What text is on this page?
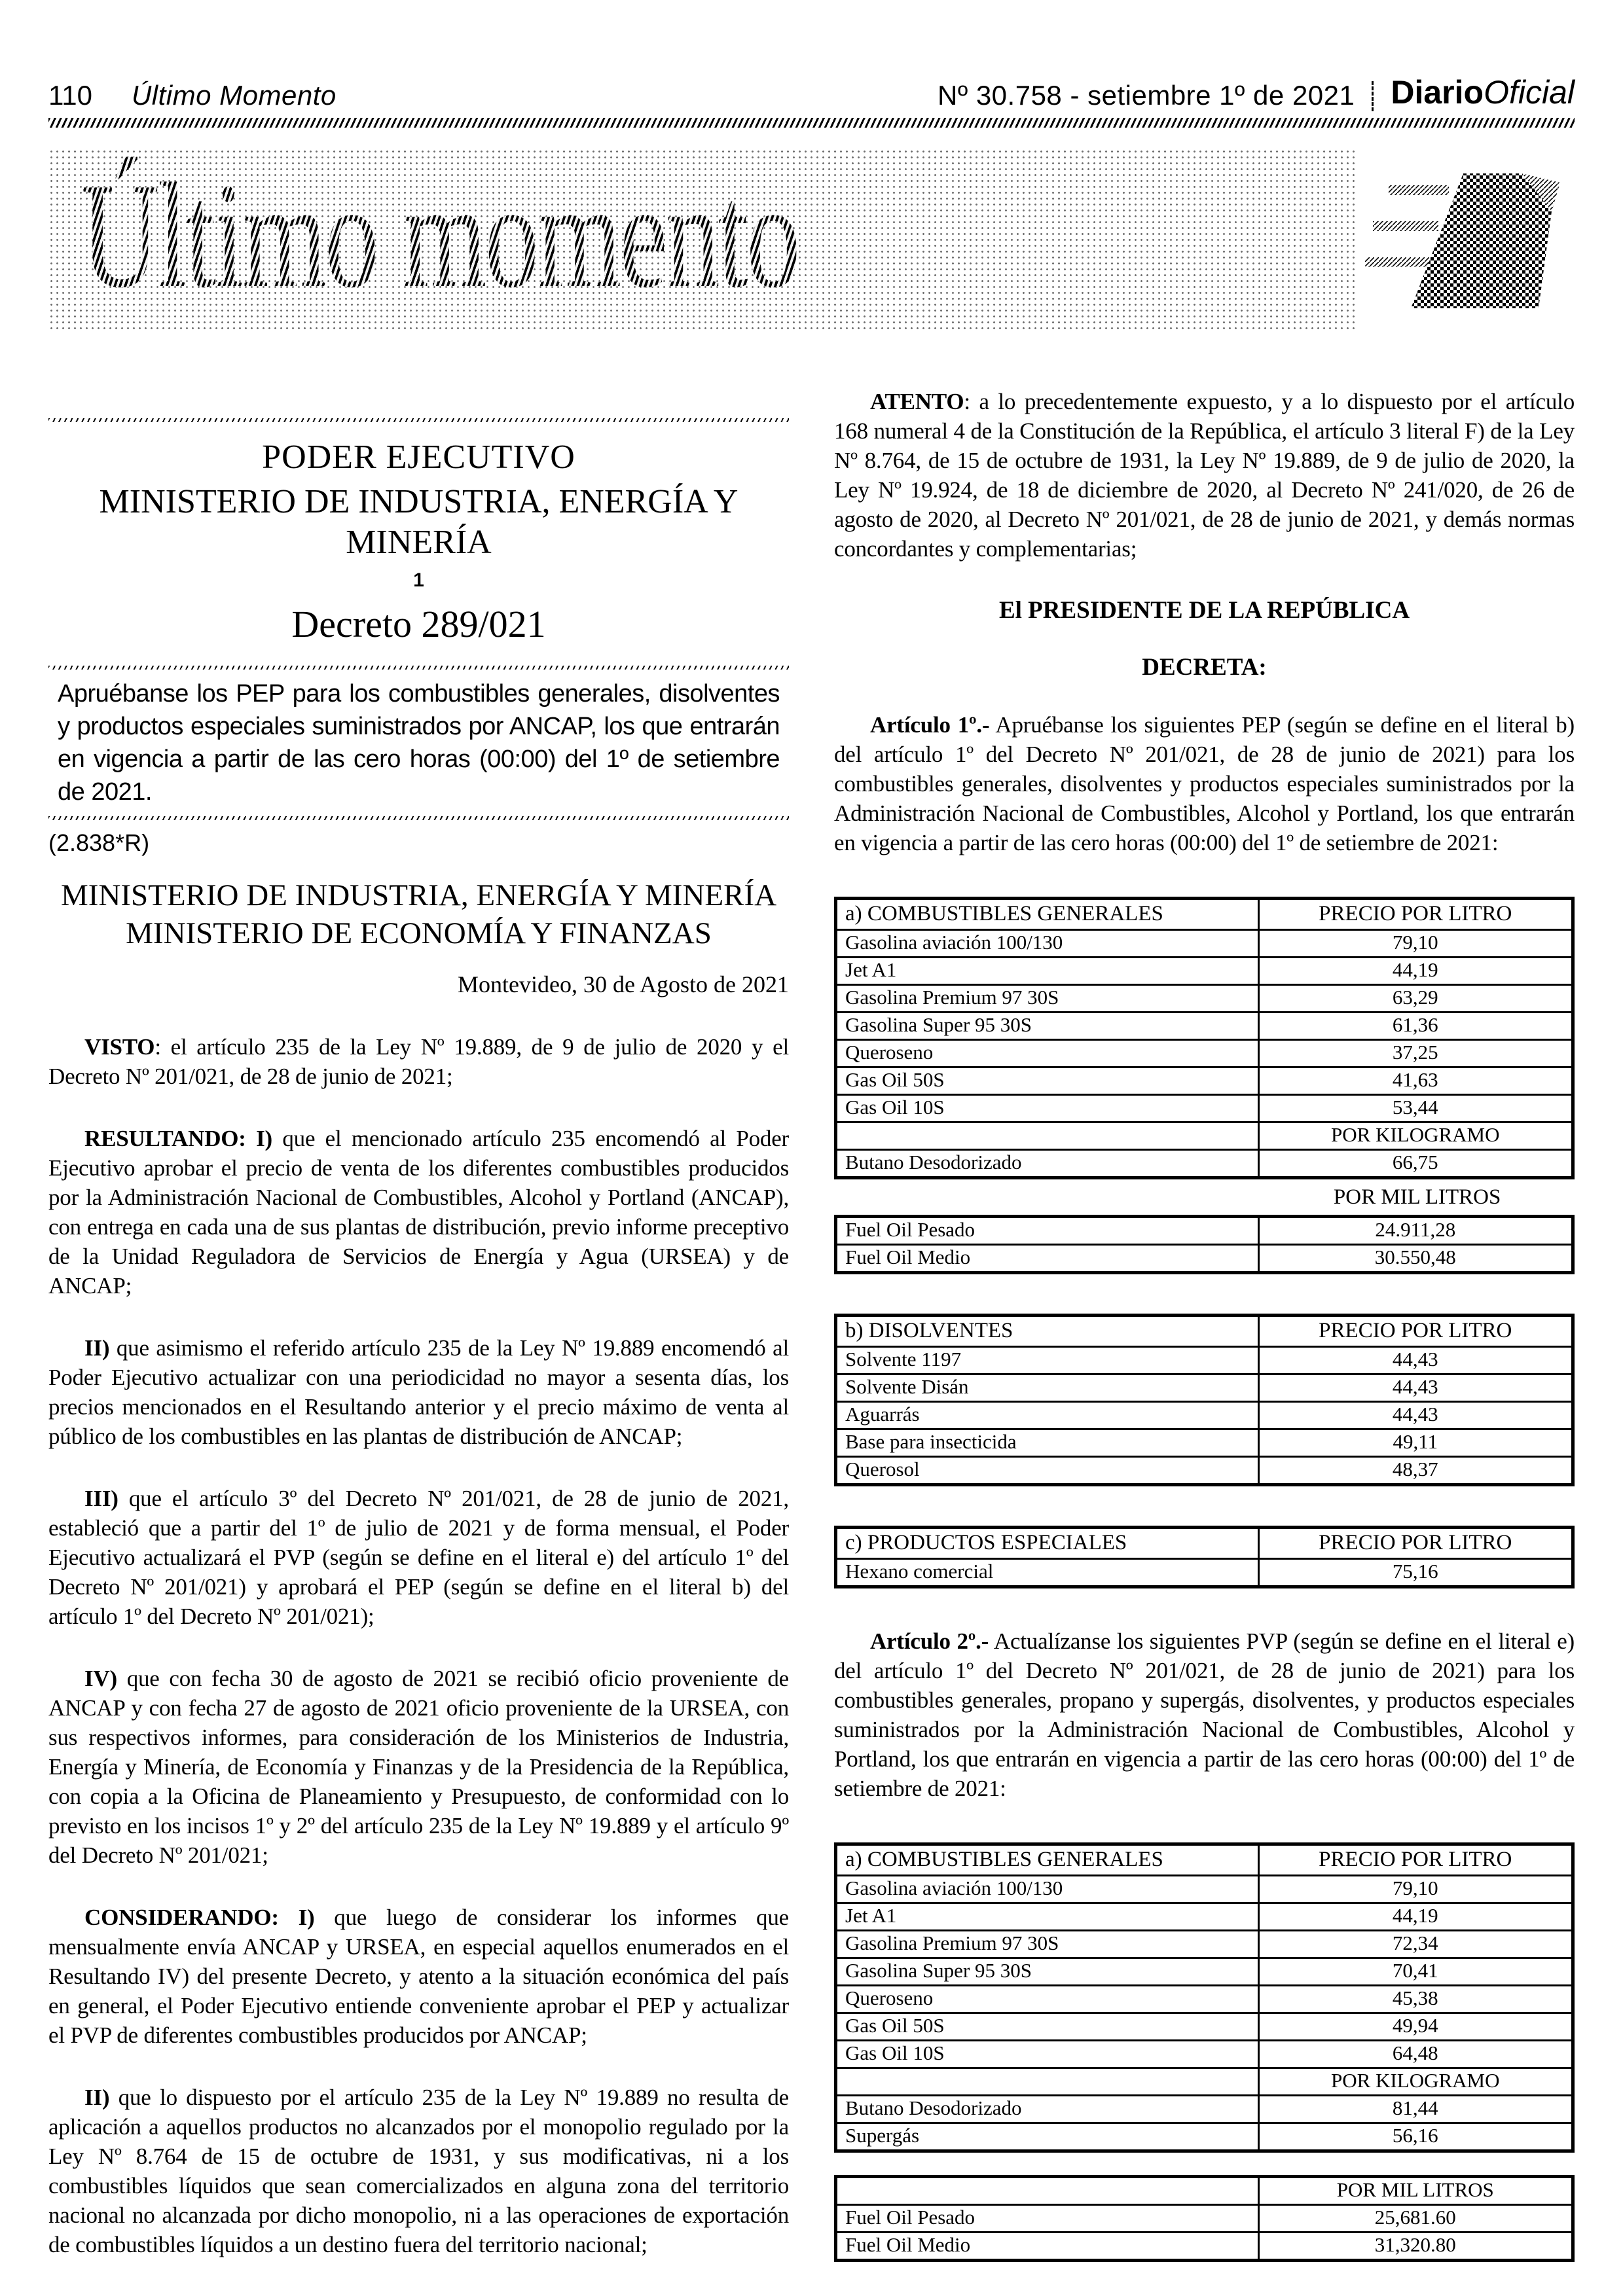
110 Último Momento	Nº 30.758 - setiembre 1º de 2021 DiarioOficial
Último momento
PODER EJECUTIVO
MINISTERIO DE INDUSTRIA, ENERGÍA Y MINERÍA
1
Decreto 289/021

Apruébanse los PEP para los combustibles generales, disolventes y productos especiales suministrados por ANCAP, los que entrarán en vigencia a partir de las cero horas (00:00) del 1º de setiembre de 2021.

(2.838*R)
MINISTERIO DE INDUSTRIA, ENERGÍA Y MINERÍA
MINISTERIO DE ECONOMÍA Y FINANZAS
Montevideo, 30 de Agosto de 2021

VISTO: el artículo 235 de la Ley Nº 19.889, de 9 de julio de 2020 y el Decreto Nº 201/021, de 28 de junio de 2021;

RESULTANDO: I) que el mencionado artículo 235 encomendó al Poder Ejecutivo aprobar el precio de venta de los diferentes combustibles producidos por la Administración Nacional de Combustibles, Alcohol y Portland (ANCAP), con entrega en cada una de sus plantas de distribución, previo informe preceptivo de la Unidad Reguladora de Servicios de Energía y Agua (URSEA) y de ANCAP;

II) que asimismo el referido artículo 235 de la Ley Nº 19.889 encomendó al Poder Ejecutivo actualizar con una periodicidad no mayor a sesenta días, los precios mencionados en el Resultando anterior y el precio máximo de venta al público de los combustibles en las plantas de distribución de ANCAP;

III) que el artículo 3º del Decreto Nº 201/021, de 28 de junio de 2021, estableció que a partir del 1º de julio de 2021 y de forma mensual, el Poder Ejecutivo actualizará el PVP (según se define en el literal e) del artículo 1º del Decreto Nº 201/021) y aprobará el PEP (según se define en el literal b) del artículo 1º del Decreto Nº 201/021);

IV) que con fecha 30 de agosto de 2021 se recibió oficio proveniente de ANCAP y con fecha 27 de agosto de 2021 oficio proveniente de la URSEA, con sus respectivos informes, para consideración de los Ministerios de Industria, Energía y Minería, de Economía y Finanzas y de la Presidencia de la República, con copia a la Oficina de Planeamiento y Presupuesto, de conformidad con lo previsto en los incisos 1º y 2º del artículo 235 de la Ley Nº 19.889 y el artículo 9º del Decreto Nº 201/021;

CONSIDERANDO: I) que luego de considerar los informes que mensualmente envía ANCAP y URSEA, en especial aquellos enumerados en el Resultando IV) del presente Decreto, y atento a la situación económica del país en general, el Poder Ejecutivo entiende conveniente aprobar el PEP y actualizar el PVP de diferentes combustibles producidos por ANCAP;

II) que lo dispuesto por el artículo 235 de la Ley Nº 19.889 no resulta de aplicación a aquellos productos no alcanzados por el monopolio regulado por la Ley Nº 8.764 de 15 de octubre de 1931, y sus modificativas, ni a los combustibles líquidos que sean comercializados en alguna zona del territorio nacional no alcanzada por dicho monopolio, ni a las operaciones de exportación de combustibles líquidos a un destino fuera del territorio nacional;

ATENTO: a lo precedentemente expuesto, y a lo dispuesto por el artículo 168 numeral 4 de la Constitución de la República, el artículo 3 literal F) de la Ley Nº 8.764, de 15 de octubre de 1931, la Ley Nº 19.889, de 9 de julio de 2020, la Ley Nº 19.924, de 18 de diciembre de 2020, al Decreto Nº 241/020, de 26 de agosto de 2020, al Decreto Nº 201/021, de 28 de junio de 2021, y demás normas concordantes y complementarias;

El PRESIDENTE DE LA REPÚBLICA
DECRETA:

Artículo 1º.- Apruébanse los siguientes PEP (según se define en el literal b) del artículo 1º del Decreto Nº 201/021, de 28 de junio de 2021) para los combustibles generales, disolventes y productos especiales suministrados por la Administración Nacional de Combustibles, Alcohol y Portland, los que entrarán en vigencia a partir de las cero horas (00:00) del 1º de setiembre de 2021:

a) COMBUSTIBLES GENERALES	PRECIO POR LITRO
Gasolina aviación 100/130	79,10
Jet A1	44,19
Gasolina Premium 97 30S	63,29
Gasolina Super 95 30S	61,36
Queroseno	37,25
Gas Oil 50S	41,63
Gas Oil 10S	53,44
POR KILOGRAMO
Butano Desodorizado	66,75
POR MIL LITROS
Fuel Oil Pesado	24.911,28
Fuel Oil Medio	30.550,48
b) DISOLVENTES	PRECIO POR LITRO
Solvente 1197	44,43
Solvente Disán	44,43
Aguarrás	44,43
Base para insecticida	49,11
Querosol	48,37
c) PRODUCTOS ESPECIALES	PRECIO POR LITRO
Hexano comercial	75,16

Artículo 2º.- Actualízanse los siguientes PVP (según se define en el literal e) del artículo 1º del Decreto Nº 201/021, de 28 de junio de 2021) para los combustibles generales, propano y supergás, disolventes, y productos especiales suministrados por la Administración Nacional de Combustibles, Alcohol y Portland, los que entrarán en vigencia a partir de las cero horas (00:00) del 1º de setiembre de 2021:

a) COMBUSTIBLES GENERALES	PRECIO POR LITRO
Gasolina aviación 100/130	79,10
Jet A1	44,19
Gasolina Premium 97 30S	72,34
Gasolina Super 95 30S	70,41
Queroseno	45,38
Gas Oil 50S	49,94
Gas Oil 10S	64,48
POR KILOGRAMO
Butano Desodorizado	81,44
Supergás	56,16
POR MIL LITROS
Fuel Oil Pesado	25,681.60
Fuel Oil Medio	31,320.80
